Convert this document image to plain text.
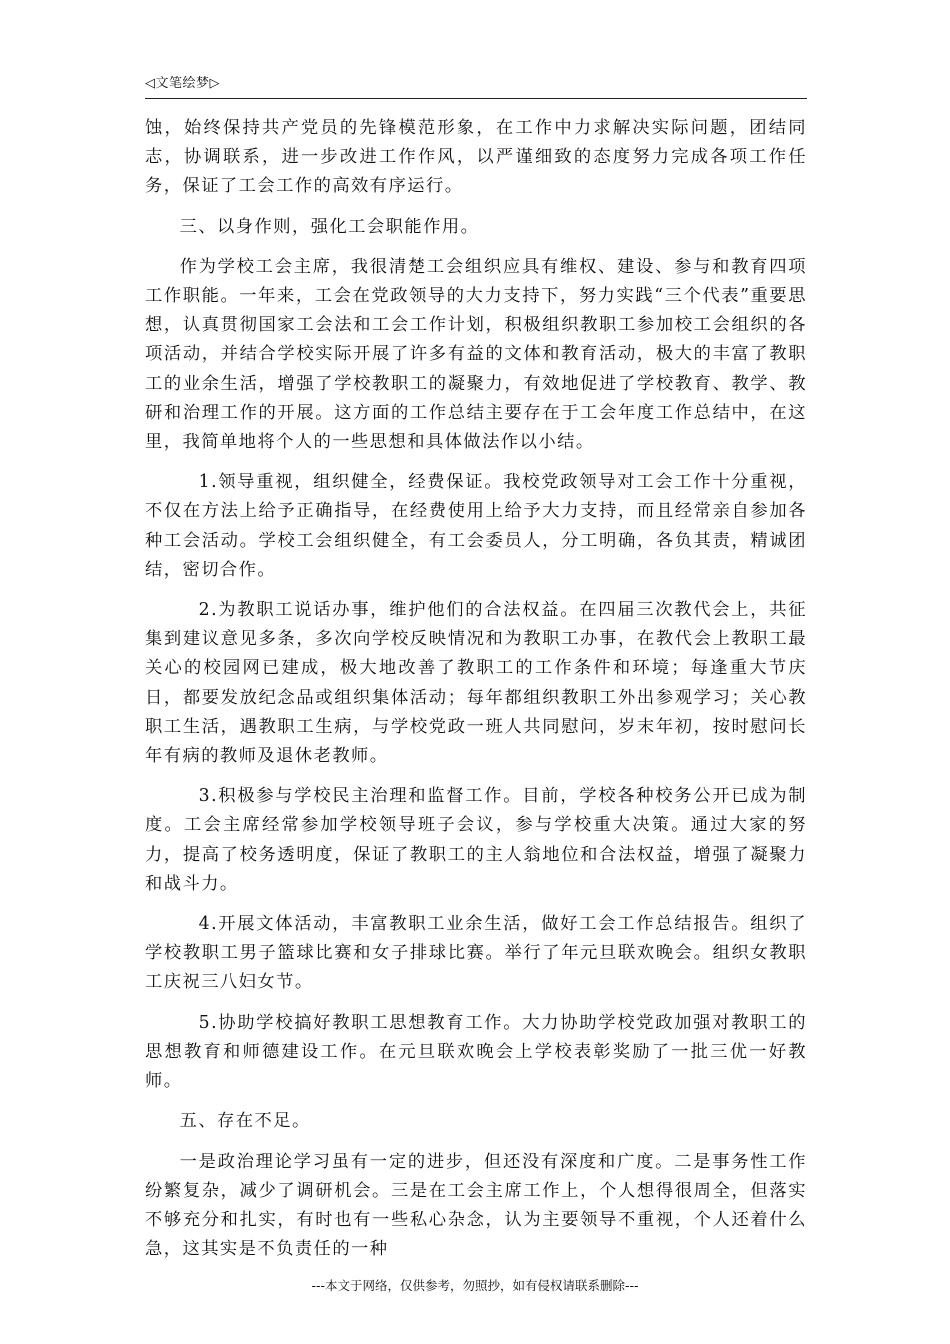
◁文笔绘梦▷

蚀，始终保持共产党员的先锋模范形象，在工作中力求解决实际问题，团结同志，协调联系，进一步改进工作作风，以严谨细致的态度努力完成各项工作任务，保证了工会工作的高效有序运行。

三、以身作则，强化工会职能作用。

作为学校工会主席，我很清楚工会组织应具有维权、建设、参与和教育四项工作职能。一年来，工会在党政领导的大力支持下，努力实践“三个代表”重要思想，认真贯彻国家工会法和工会工作计划，积极组织教职工参加校工会组织的各项活动，并结合学校实际开展了许多有益的文体和教育活动，极大的丰富了教职工的业余生活，增强了学校教职工的凝聚力，有效地促进了学校教育、教学、教研和治理工作的开展。这方面的工作总结主要存在于工会年度工作总结中，在这里，我简单地将个人的一些思想和具体做法作以小结。

1.领导重视，组织健全，经费保证。我校党政领导对工会工作十分重视，不仅在方法上给予正确指导，在经费使用上给予大力支持，而且经常亲自参加各种工会活动。学校工会组织健全，有工会委员人，分工明确，各负其责，精诚团结，密切合作。

2.为教职工说话办事，维护他们的合法权益。在四届三次教代会上，共征集到建议意见多条，多次向学校反映情况和为教职工办事，在教代会上教职工最关心的校园网已建成，极大地改善了教职工的工作条件和环境；每逢重大节庆日，都要发放纪念品或组织集体活动；每年都组织教职工外出参观学习；关心教职工生活，遇教职工生病，与学校党政一班人共同慰问，岁末年初，按时慰问长年有病的教师及退休老教师。

3.积极参与学校民主治理和监督工作。目前，学校各种校务公开已成为制度。工会主席经常参加学校领导班子会议，参与学校重大决策。通过大家的努力，提高了校务透明度，保证了教职工的主人翁地位和合法权益，增强了凝聚力和战斗力。

4.开展文体活动，丰富教职工业余生活，做好工会工作总结报告。组织了学校教职工男子篮球比赛和女子排球比赛。举行了年元旦联欢晚会。组织女教职工庆祝三八妇女节。

5.协助学校搞好教职工思想教育工作。大力协助学校党政加强对教职工的思想教育和师德建设工作。在元旦联欢晚会上学校表彰奖励了一批三优一好教师。

五、存在不足。

一是政治理论学习虽有一定的进步，但还没有深度和广度。二是事务性工作纷繁复杂，减少了调研机会。三是在工会主席工作上，个人想得很周全，但落实不够充分和扎实，有时也有一些私心杂念，认为主要领导不重视，个人还着什么急，这其实是不负责任的一种

---本文于网络，仅供参考，勿照抄，如有侵权请联系删除---
